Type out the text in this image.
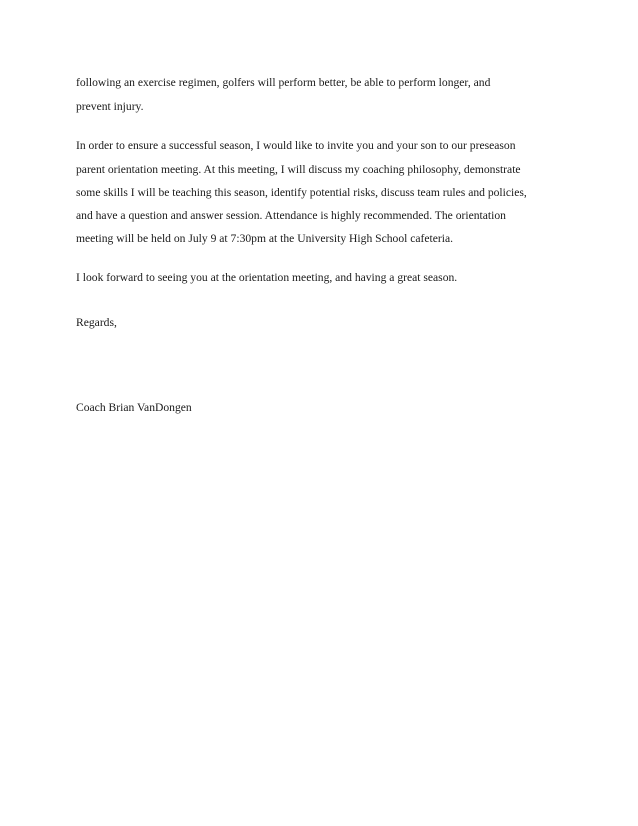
following an exercise regimen, golfers will perform better, be able to perform longer, and
prevent injury.
In order to ensure a successful season, I would like to invite you and your son to our preseason
parent orientation meeting. At this meeting, I will discuss my coaching philosophy, demonstrate
some skills I will be teaching this season, identify potential risks, discuss team rules and policies,
and have a question and answer session. Attendance is highly recommended. The orientation
meeting will be held on July 9 at 7:30pm at the University High School cafeteria.
I look forward to seeing you at the orientation meeting, and having a great season.
Regards,
Coach Brian VanDongen
